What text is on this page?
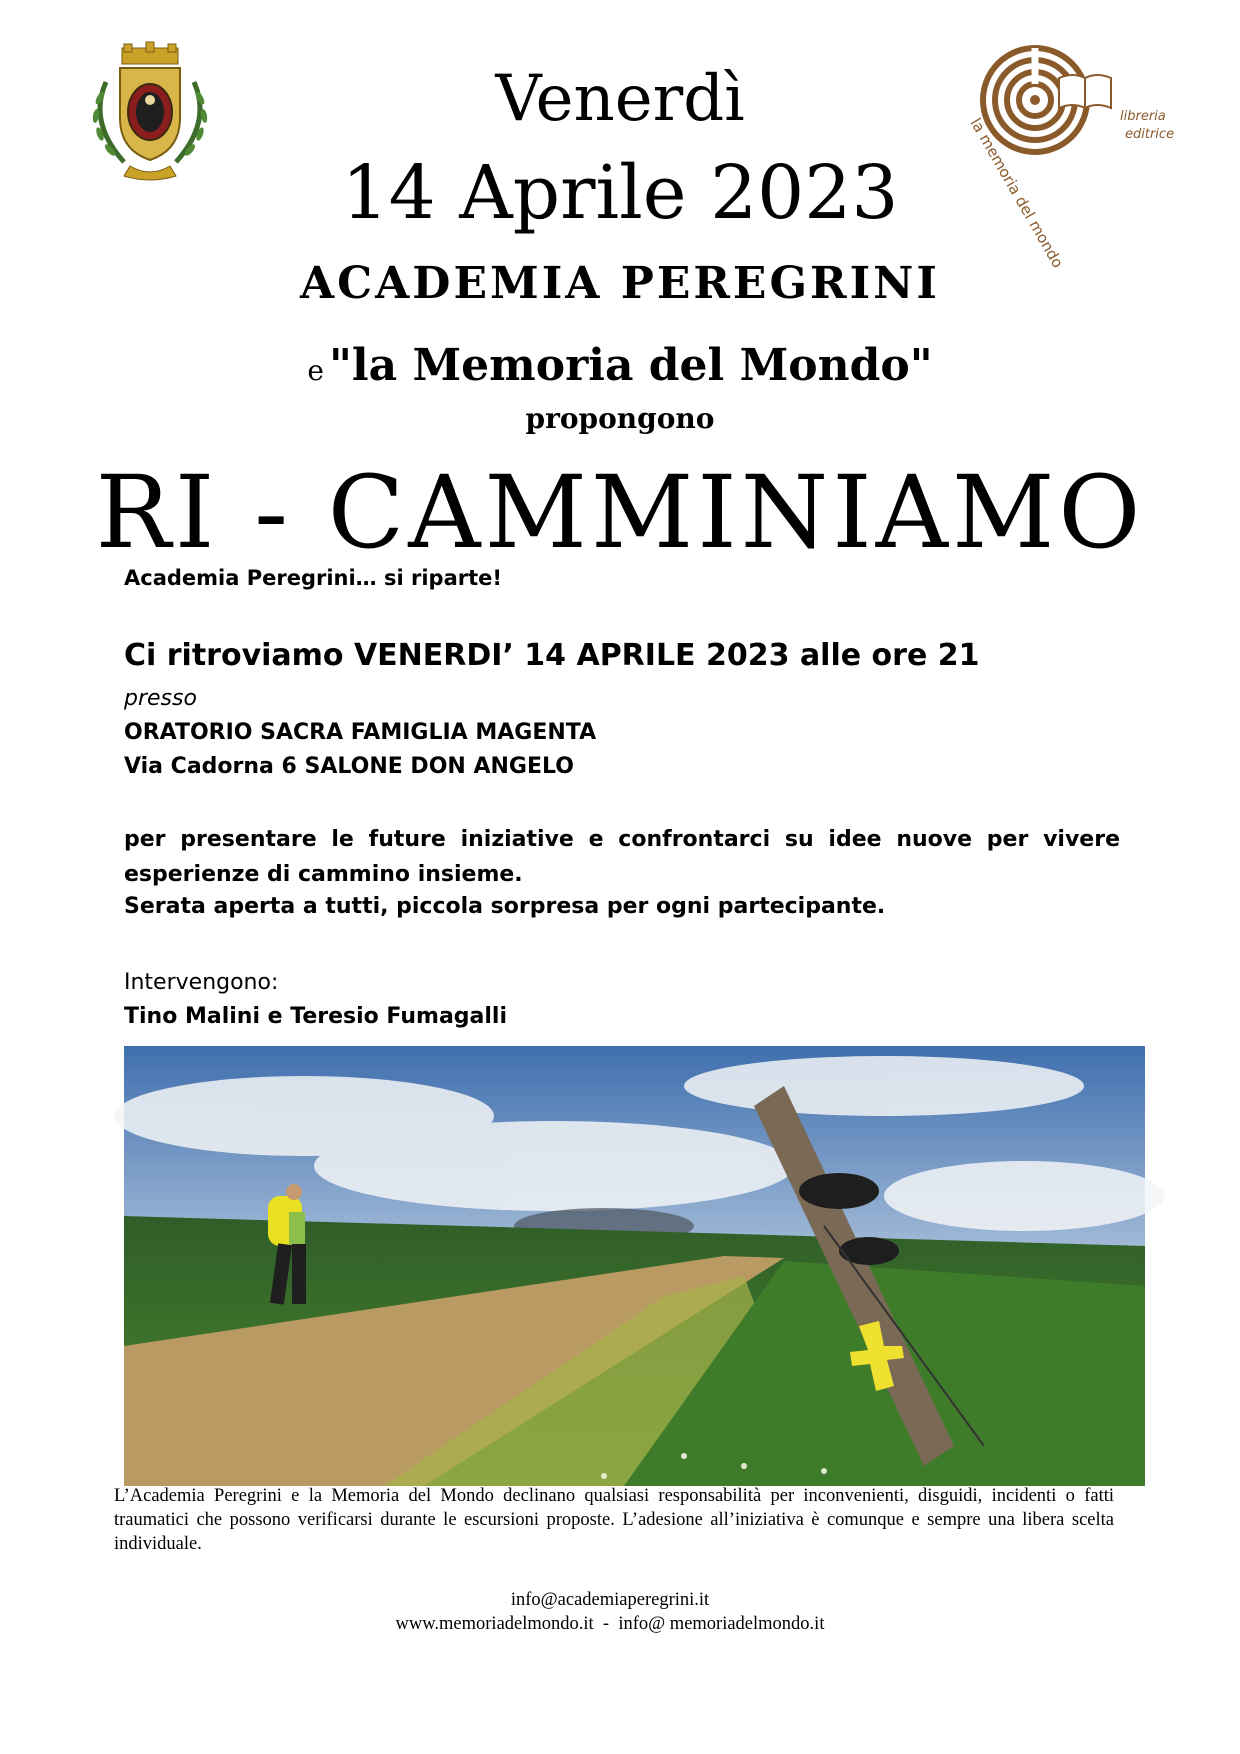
la memoria del mondo	libreria
editrice
Venerdì
14 Aprile 2023
ACADEMIA PEREGRINI
e "la Memoria del Mondo"
propongono
RI - CAMMINIAMO
Academia Peregrini… si riparte!
Ci ritroviamo VENERDI’ 14 APRILE 2023 alle ore 21
presso
ORATORIO SACRA FAMIGLIA MAGENTA
Via Cadorna 6 SALONE DON ANGELO
per presentare le future iniziative e confrontarci su idee nuove per vivere esperienze di cammino insieme.
Serata aperta a tutti, piccola sorpresa per ogni partecipante.
Intervengono:
Tino Malini e Teresio Fumagalli
L’Academia Peregrini e la Memoria del Mondo declinano qualsiasi responsabilità per inconvenienti, disguidi, incidenti o fatti traumatici che possono verificarsi durante le escursioni proposte. L’adesione all’iniziativa è comunque e sempre una libera scelta individuale.
info@academiaperegrini.it
www.memoriadelmondo.it  -  info@ memoriadelmondo.it
